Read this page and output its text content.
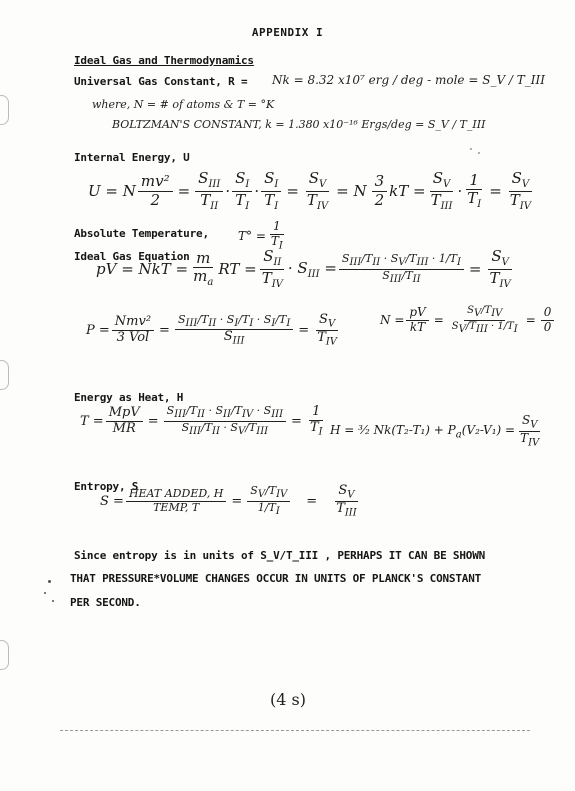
APPENDIX I
Ideal Gas and Thermodynamics
Universal Gas Constant, R = Nk = 8.32 x10⁷ erg / deg - mole = S_V / T_III
where, N = # of atoms & T = °K
BOLTZMAN'S CONSTANT, k = 1.380 x10⁻¹⁶ Ergs/deg = S_V / T_III
Internal Energy, U
U = N $\frac{\text{mv²}}{2} = \frac{S_{III}}{T_{II}} \cdot \frac{S_I}{T_I} \cdot \frac{S_I}{T_I} = \frac{S_V}{T_{IV}} = N \frac{3}{2}$ kT = $\frac{S_V}{T_{III}} \cdot \frac{1}{T_I} = \frac{S_V}{T_{IV}}$
Absolute Temperature, $T^\circ = \frac{1}{T_I}$
Ideal Gas Equation
pV = NkT = $\frac{m}{m_a}$ RT = $\frac{S_{II}}{T_{IV}} \cdot S_{III} = \frac{S_{III}/T_{II} \cdot S_V/T_{III} \cdot 1/T_I}{S_{III}/T_{II}} = \frac{S_V}{T_{IV}}$
$P = \frac{\text{Nmv²}}{\text{3 Vol}} = \frac{S_{III}/T_{II} \cdot S_I/T_I \cdot S_I/T_I}{S_{III}} = \frac{S_V}{T_{IV}}$	$N = \frac{pV}{kT} = \frac{S_V/T_{IV}}{S_V/T_{III} \cdot 1/T_I} = \frac{0}{0}$
Energy as Heat, H
$T = \frac{\text{MpV}}{MR} = \frac{S_{III}/T_{II} \cdot S_{II}/T_{IV} \cdot S_{III}}{S_{III}/T_{II} \cdot S_V/T_{III}} = \frac{1}{T_I}$ H = ³⁄₂ $Nk(T_2-T_1) + P_a(V_2-V_1) = \frac{S_V}{T_{IV}}$
Entropy, S
$S = \frac{\text{HEAT ADDED, H}}{\text{TEMP, T}} = \frac{S_V/T_{IV}}{1/T_I} = \frac{S_V}{T_{III}}$
Since entropy is in units of S_V/T_III , PERHAPS IT CAN BE SHOWN
THAT PRESSURE*VOLUME CHANGES OCCUR IN UNITS OF PLANCK'S CONSTANT
PER SECOND.
(4 s)
